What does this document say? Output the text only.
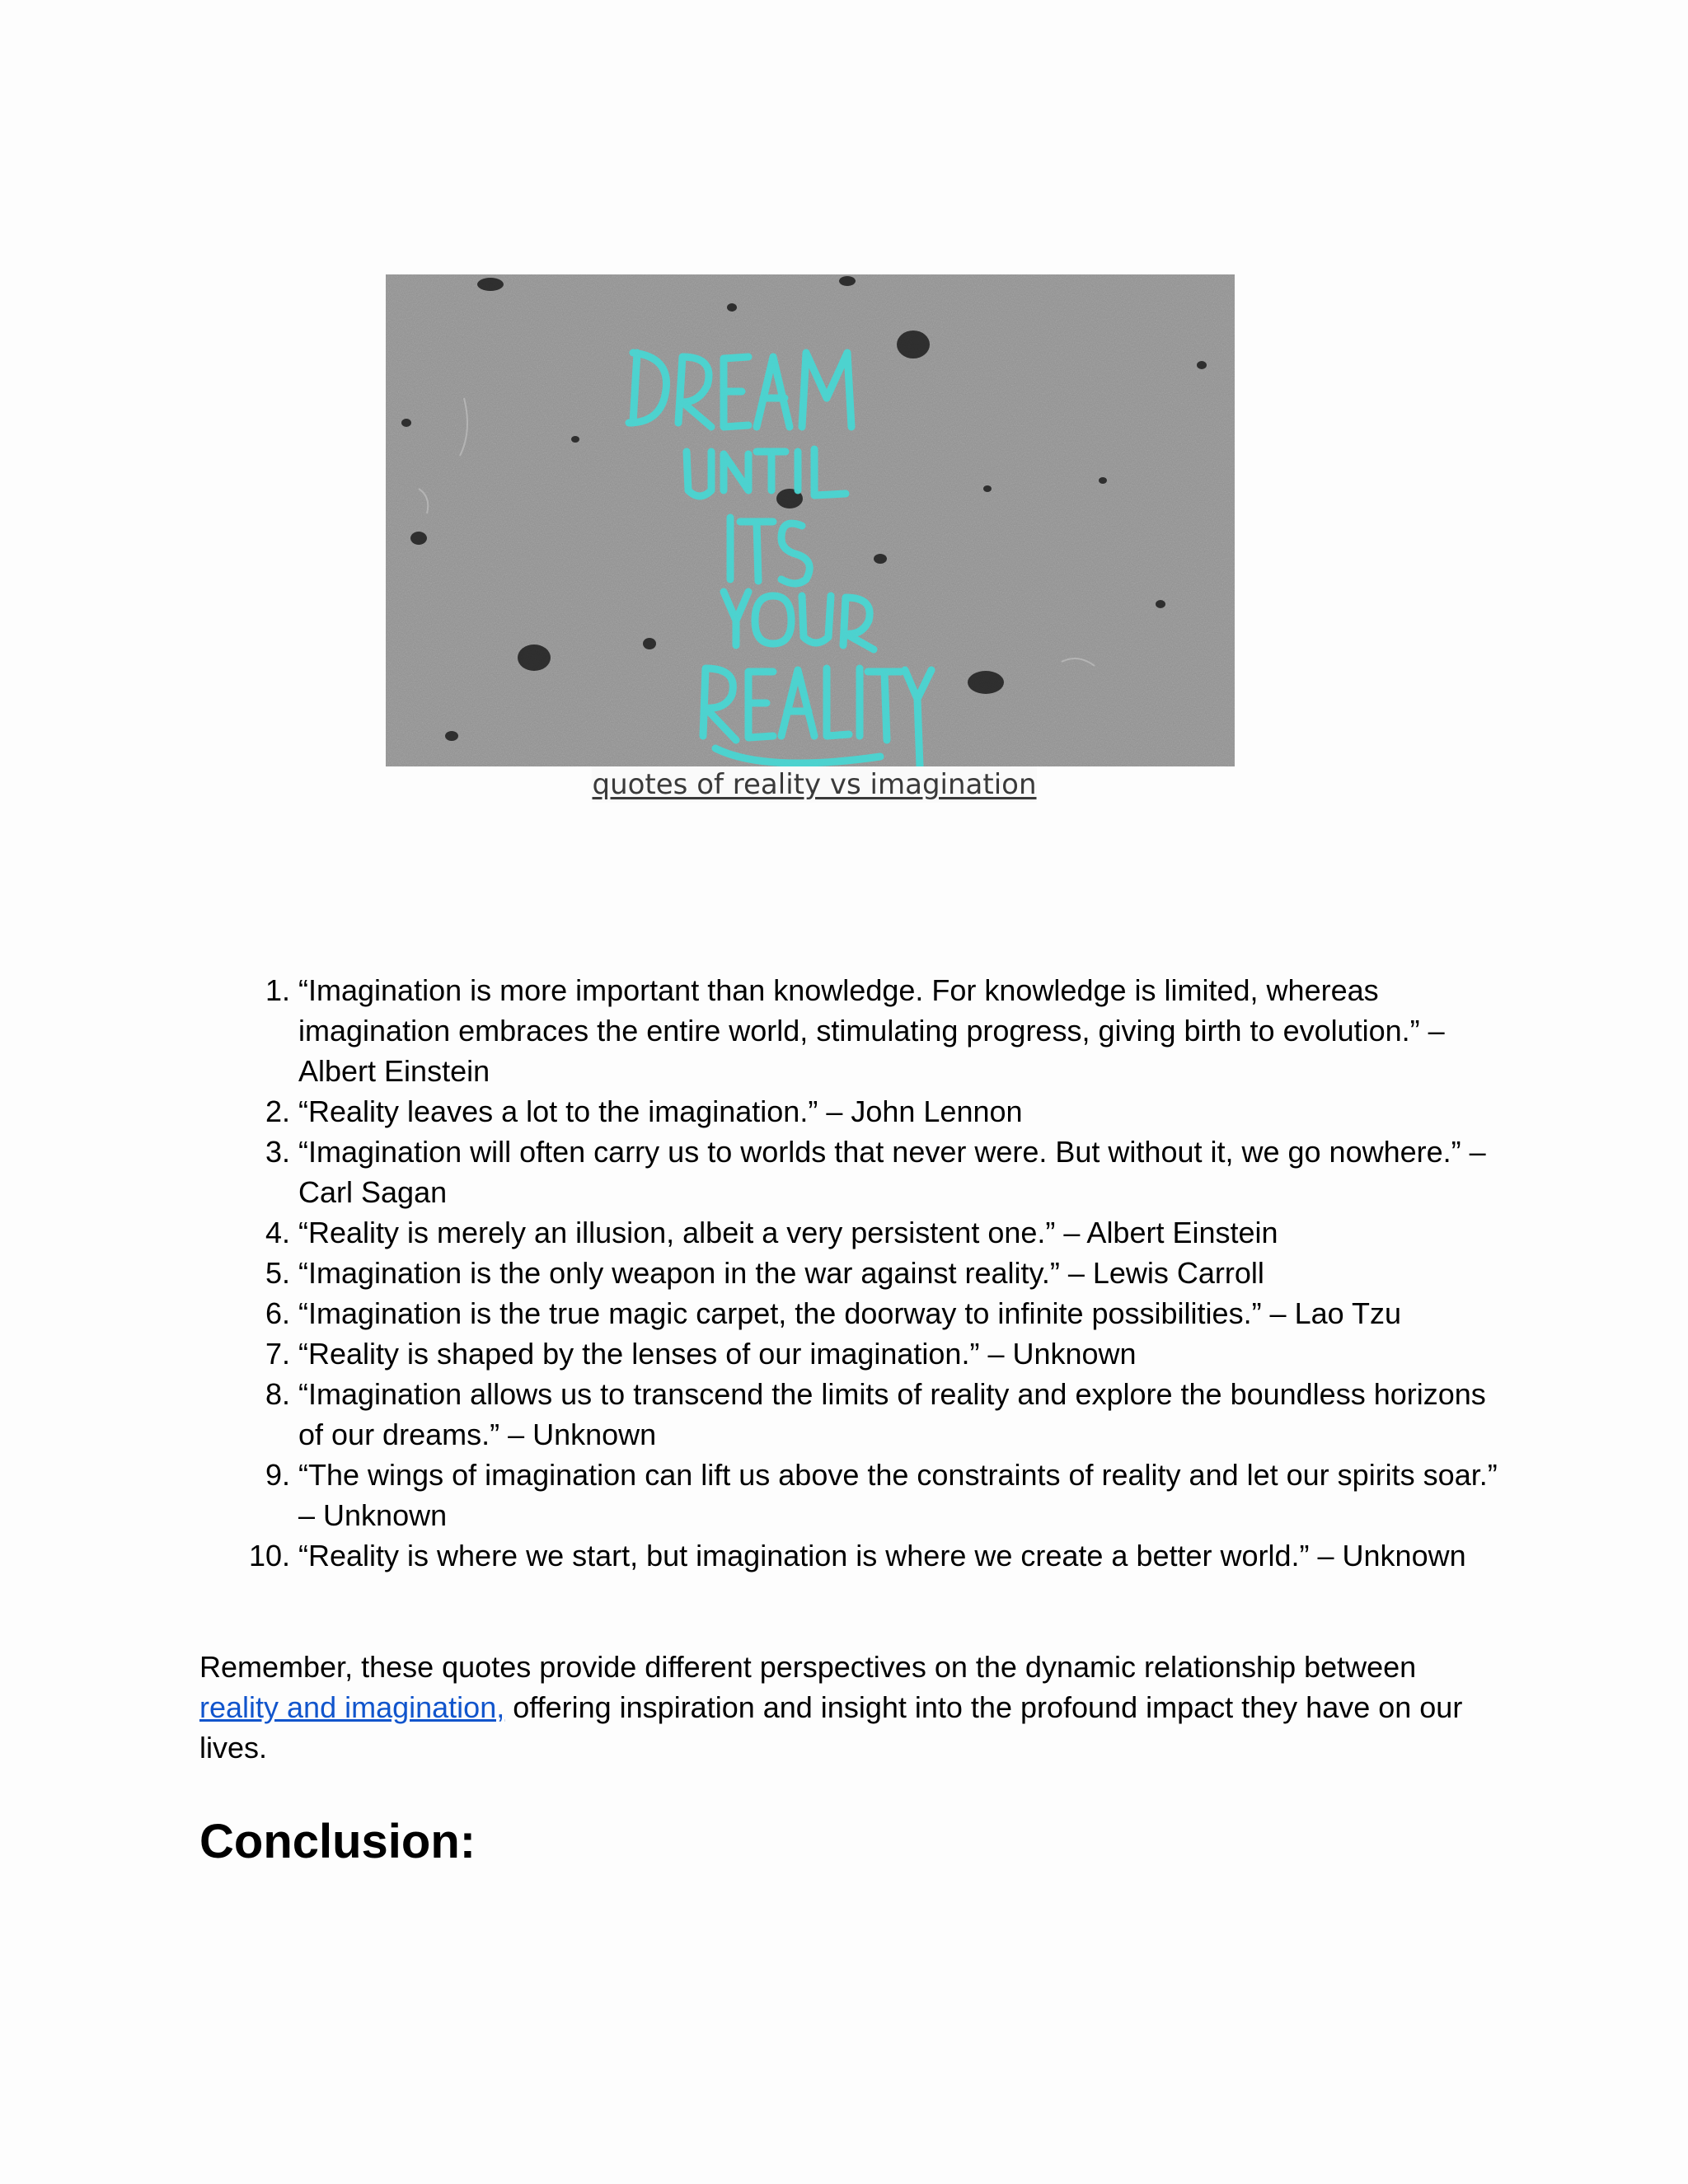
quotes of reality vs imagination
1. “Imagination is more important than knowledge. For knowledge is limited, whereas imagination embraces the entire world, stimulating progress, giving birth to evolution.” – Albert Einstein
2. “Reality leaves a lot to the imagination.” – John Lennon
3. “Imagination will often carry us to worlds that never were. But without it, we go nowhere.” – Carl Sagan
4. “Reality is merely an illusion, albeit a very persistent one.” – Albert Einstein
5. “Imagination is the only weapon in the war against reality.” – Lewis Carroll
6. “Imagination is the true magic carpet, the doorway to infinite possibilities.” – Lao Tzu
7. “Reality is shaped by the lenses of our imagination.” – Unknown
8. “Imagination allows us to transcend the limits of reality and explore the boundless horizons of our dreams.” – Unknown
9. “The wings of imagination can lift us above the constraints of reality and let our spirits soar.” – Unknown
10. “Reality is where we start, but imagination is where we create a better world.” – Unknown

Remember, these quotes provide different perspectives on the dynamic relationship between reality and imagination, offering inspiration and insight into the profound impact they have on our lives.

Conclusion:
